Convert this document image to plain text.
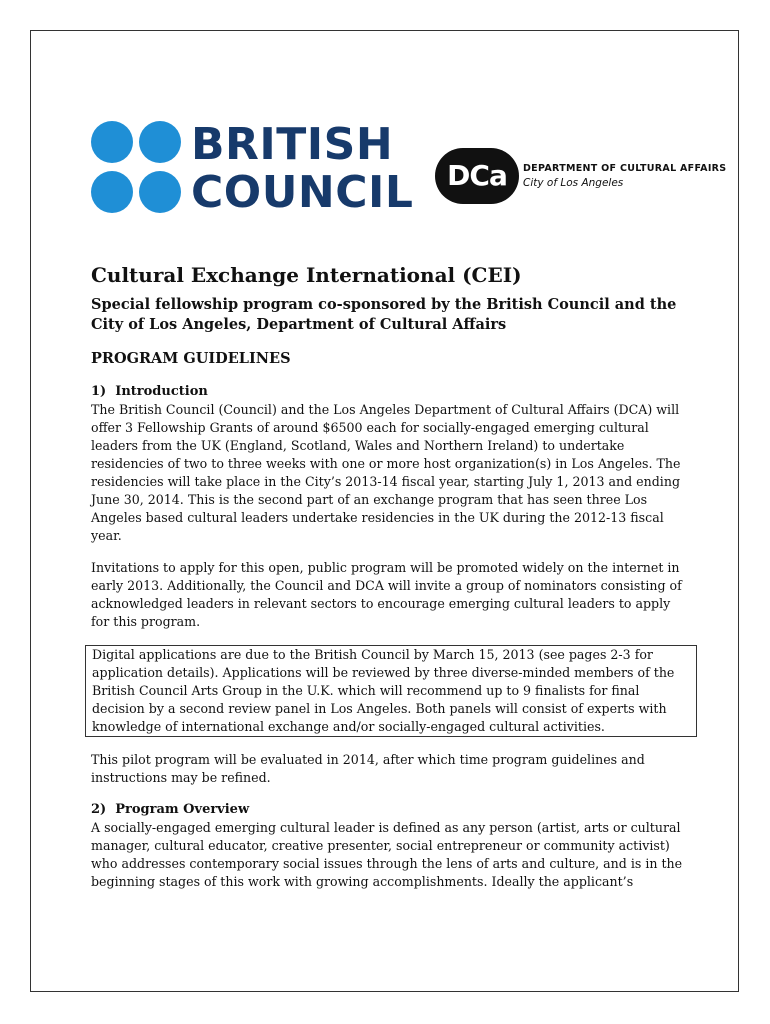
BRITISH
COUNCIL	DCa	DEPARTMENT OF CULTURAL AFFAIRS
City of Los Angeles
Cultural Exchange International (CEI)
Special fellowship program co-sponsored by the British Council and the City of Los Angeles, Department of Cultural Affairs
PROGRAM GUIDELINES
1)  Introduction

The British Council (Council) and the Los Angeles Department of Cultural Affairs (DCA) will offer 3 Fellowship Grants of around $6500 each for socially-engaged emerging cultural leaders from the UK (England, Scotland, Wales and Northern Ireland) to undertake residencies of two to three weeks with one or more host organization(s) in Los Angeles. The residencies will take place in the City’s 2013-14 fiscal year, starting July 1, 2013 and ending June 30, 2014. This is the second part of an exchange program that has seen three Los Angeles based cultural leaders undertake residencies in the UK during the 2012-13 fiscal year.

Invitations to apply for this open, public program will be promoted widely on the internet in early 2013. Additionally, the Council and DCA will invite a group of nominators consisting of acknowledged leaders in relevant sectors to encourage emerging cultural leaders to apply for this program.

Digital applications are due to the British Council by March 15, 2013 (see pages 2-3 for application details). Applications will be reviewed by three diverse-minded members of the British Council Arts Group in the U.K. which will recommend up to 9 finalists for final decision by a second review panel in Los Angeles. Both panels will consist of experts with knowledge of international exchange and/or socially-engaged cultural activities.

This pilot program will be evaluated in 2014, after which time program guidelines and instructions may be refined.

2)  Program Overview

A socially-engaged emerging cultural leader is defined as any person (artist, arts or cultural manager, cultural educator, creative presenter, social entrepreneur or community activist) who addresses contemporary social issues through the lens of arts and culture, and is in the beginning stages of this work with growing accomplishments. Ideally the applicant’s
